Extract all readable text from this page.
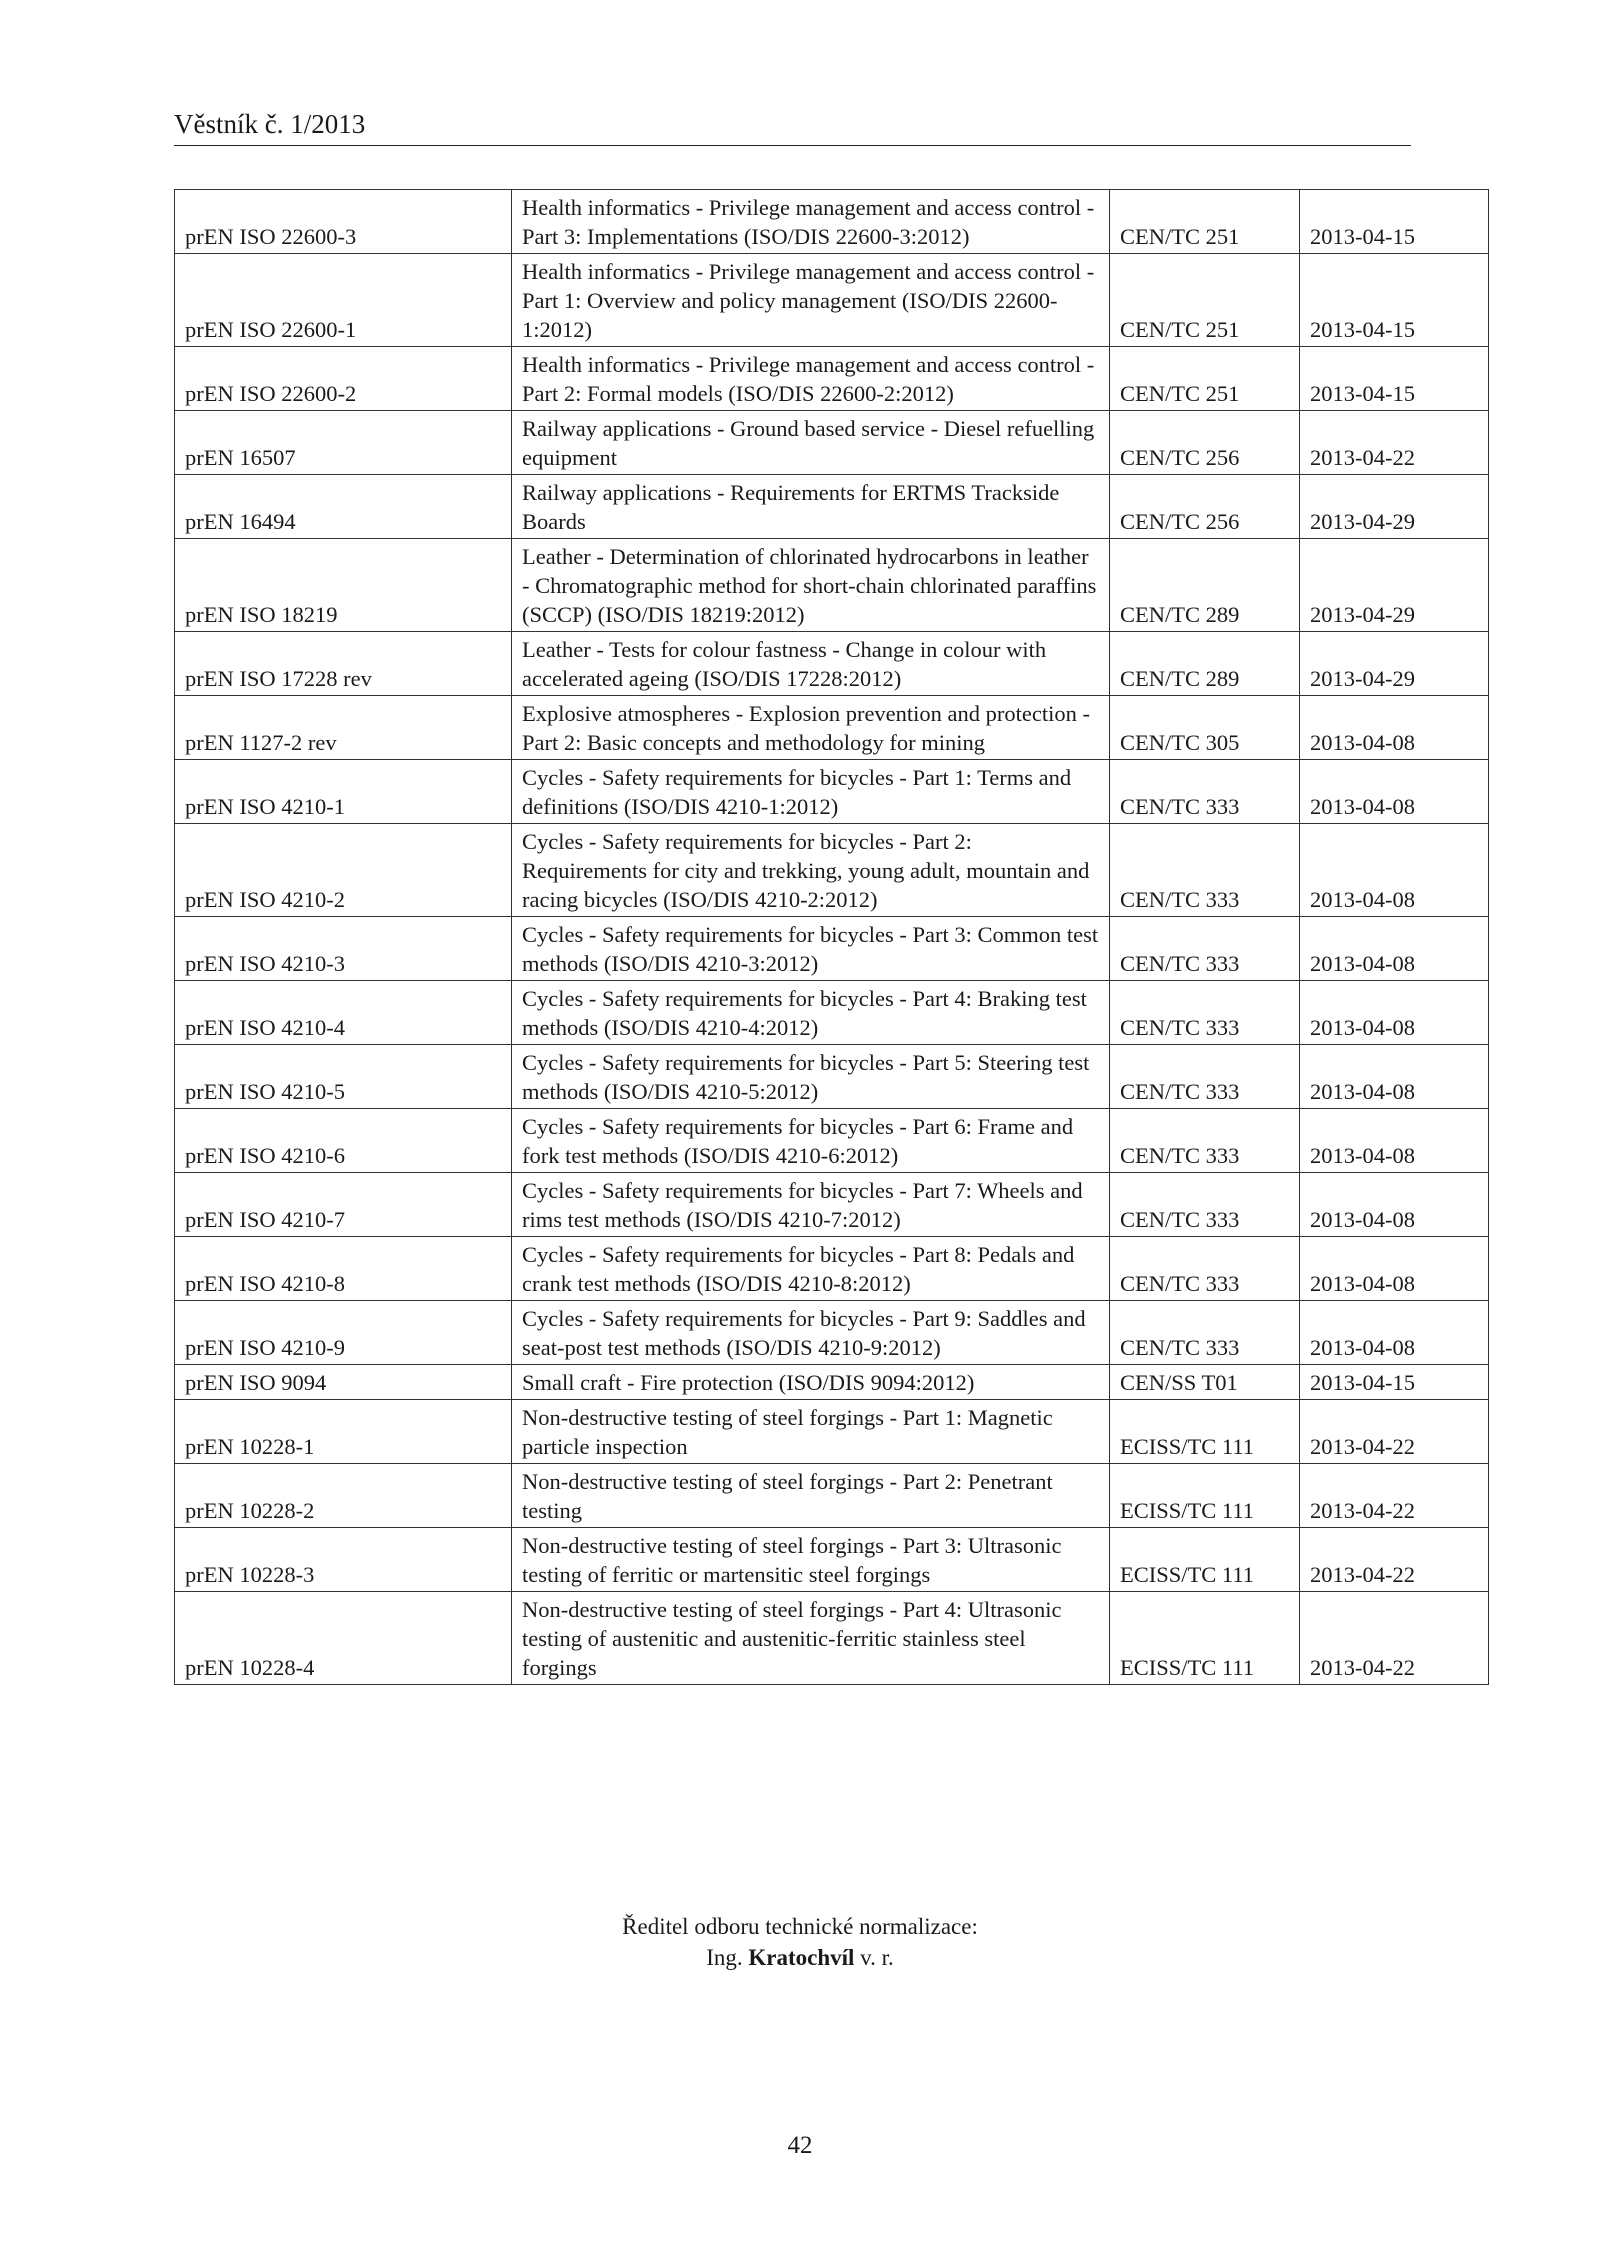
Věstník č. 1/2013
prEN ISO 22600-3	Health informatics - Privilege management and access control - Part 3: Implementations (ISO/DIS 22600-3:2012)	CEN/TC 251	2013-04-15
prEN ISO 22600-1	Health informatics - Privilege management and access control - Part 1: Overview and policy management (ISO/DIS 22600-1:2012)	CEN/TC 251	2013-04-15
prEN ISO 22600-2	Health informatics - Privilege management and access control - Part 2: Formal models (ISO/DIS 22600-2:2012)	CEN/TC 251	2013-04-15
prEN 16507	Railway applications - Ground based service - Diesel refuelling equipment	CEN/TC 256	2013-04-22
prEN 16494	Railway applications - Requirements for ERTMS Trackside Boards	CEN/TC 256	2013-04-29
prEN ISO 18219	Leather - Determination of chlorinated hydrocarbons in leather - Chromatographic method for short-chain chlorinated paraffins (SCCP) (ISO/DIS 18219:2012)	CEN/TC 289	2013-04-29
prEN ISO 17228 rev	Leather - Tests for colour fastness - Change in colour with accelerated ageing (ISO/DIS 17228:2012)	CEN/TC 289	2013-04-29
prEN 1127-2 rev	Explosive atmospheres - Explosion prevention and protection - Part 2: Basic concepts and methodology for mining	CEN/TC 305	2013-04-08
prEN ISO 4210-1	Cycles - Safety requirements for bicycles - Part 1: Terms and definitions (ISO/DIS 4210-1:2012)	CEN/TC 333	2013-04-08
prEN ISO 4210-2	Cycles - Safety requirements for bicycles - Part 2: Requirements for city and trekking, young adult, mountain and racing bicycles (ISO/DIS 4210-2:2012)	CEN/TC 333	2013-04-08
prEN ISO 4210-3	Cycles - Safety requirements for bicycles - Part 3: Common test methods (ISO/DIS 4210-3:2012)	CEN/TC 333	2013-04-08
prEN ISO 4210-4	Cycles - Safety requirements for bicycles - Part 4: Braking test methods (ISO/DIS 4210-4:2012)	CEN/TC 333	2013-04-08
prEN ISO 4210-5	Cycles - Safety requirements for bicycles - Part 5: Steering test methods (ISO/DIS 4210-5:2012)	CEN/TC 333	2013-04-08
prEN ISO 4210-6	Cycles - Safety requirements for bicycles - Part 6: Frame and fork test methods (ISO/DIS 4210-6:2012)	CEN/TC 333	2013-04-08
prEN ISO 4210-7	Cycles - Safety requirements for bicycles - Part 7: Wheels and rims test methods (ISO/DIS 4210-7:2012)	CEN/TC 333	2013-04-08
prEN ISO 4210-8	Cycles - Safety requirements for bicycles - Part 8: Pedals and crank test methods (ISO/DIS 4210-8:2012)	CEN/TC 333	2013-04-08
prEN ISO 4210-9	Cycles - Safety requirements for bicycles - Part 9: Saddles and seat-post test methods (ISO/DIS 4210-9:2012)	CEN/TC 333	2013-04-08
prEN ISO 9094	Small craft - Fire protection (ISO/DIS 9094:2012)	CEN/SS T01	2013-04-15
prEN 10228-1	Non-destructive testing of steel forgings - Part 1: Magnetic particle inspection	ECISS/TC 111	2013-04-22
prEN 10228-2	Non-destructive testing of steel forgings - Part 2: Penetrant testing	ECISS/TC 111	2013-04-22
prEN 10228-3	Non-destructive testing of steel forgings - Part 3: Ultrasonic testing of ferritic or martensitic steel forgings	ECISS/TC 111	2013-04-22
prEN 10228-4	Non-destructive testing of steel forgings - Part 4: Ultrasonic testing of austenitic and austenitic-ferritic stainless steel forgings	ECISS/TC 111	2013-04-22
Ředitel odboru technické normalizace:
Ing. Kratochvíl v. r.
42
